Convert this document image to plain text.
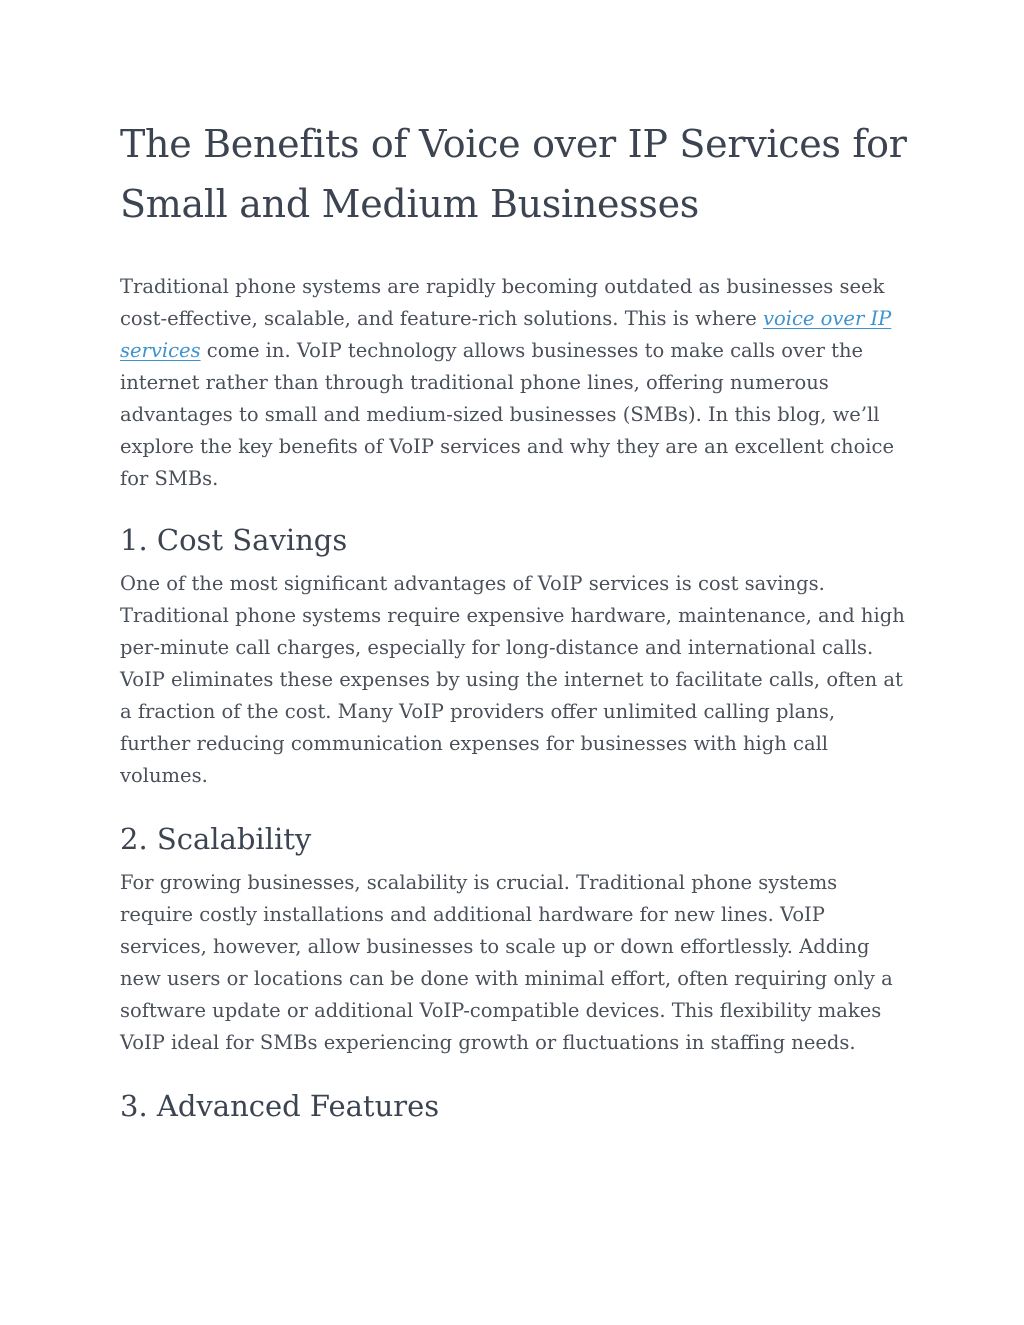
The Benefits of Voice over IP Services for Small and Medium Businesses

Traditional phone systems are rapidly becoming outdated as businesses seek cost-effective, scalable, and feature-rich solutions. This is where voice over IP services come in. VoIP technology allows businesses to make calls over the internet rather than through traditional phone lines, offering numerous advantages to small and medium-sized businesses (SMBs). In this blog, we’ll explore the key benefits of VoIP services and why they are an excellent choice for SMBs.

1. Cost Savings

One of the most significant advantages of VoIP services is cost savings. Traditional phone systems require expensive hardware, maintenance, and high per-minute call charges, especially for long-distance and international calls. VoIP eliminates these expenses by using the internet to facilitate calls, often at a fraction of the cost. Many VoIP providers offer unlimited calling plans, further reducing communication expenses for businesses with high call volumes.

2. Scalability

For growing businesses, scalability is crucial. Traditional phone systems require costly installations and additional hardware for new lines. VoIP services, however, allow businesses to scale up or down effortlessly. Adding new users or locations can be done with minimal effort, often requiring only a software update or additional VoIP-compatible devices. This flexibility makes VoIP ideal for SMBs experiencing growth or fluctuations in staffing needs.

3. Advanced Features
